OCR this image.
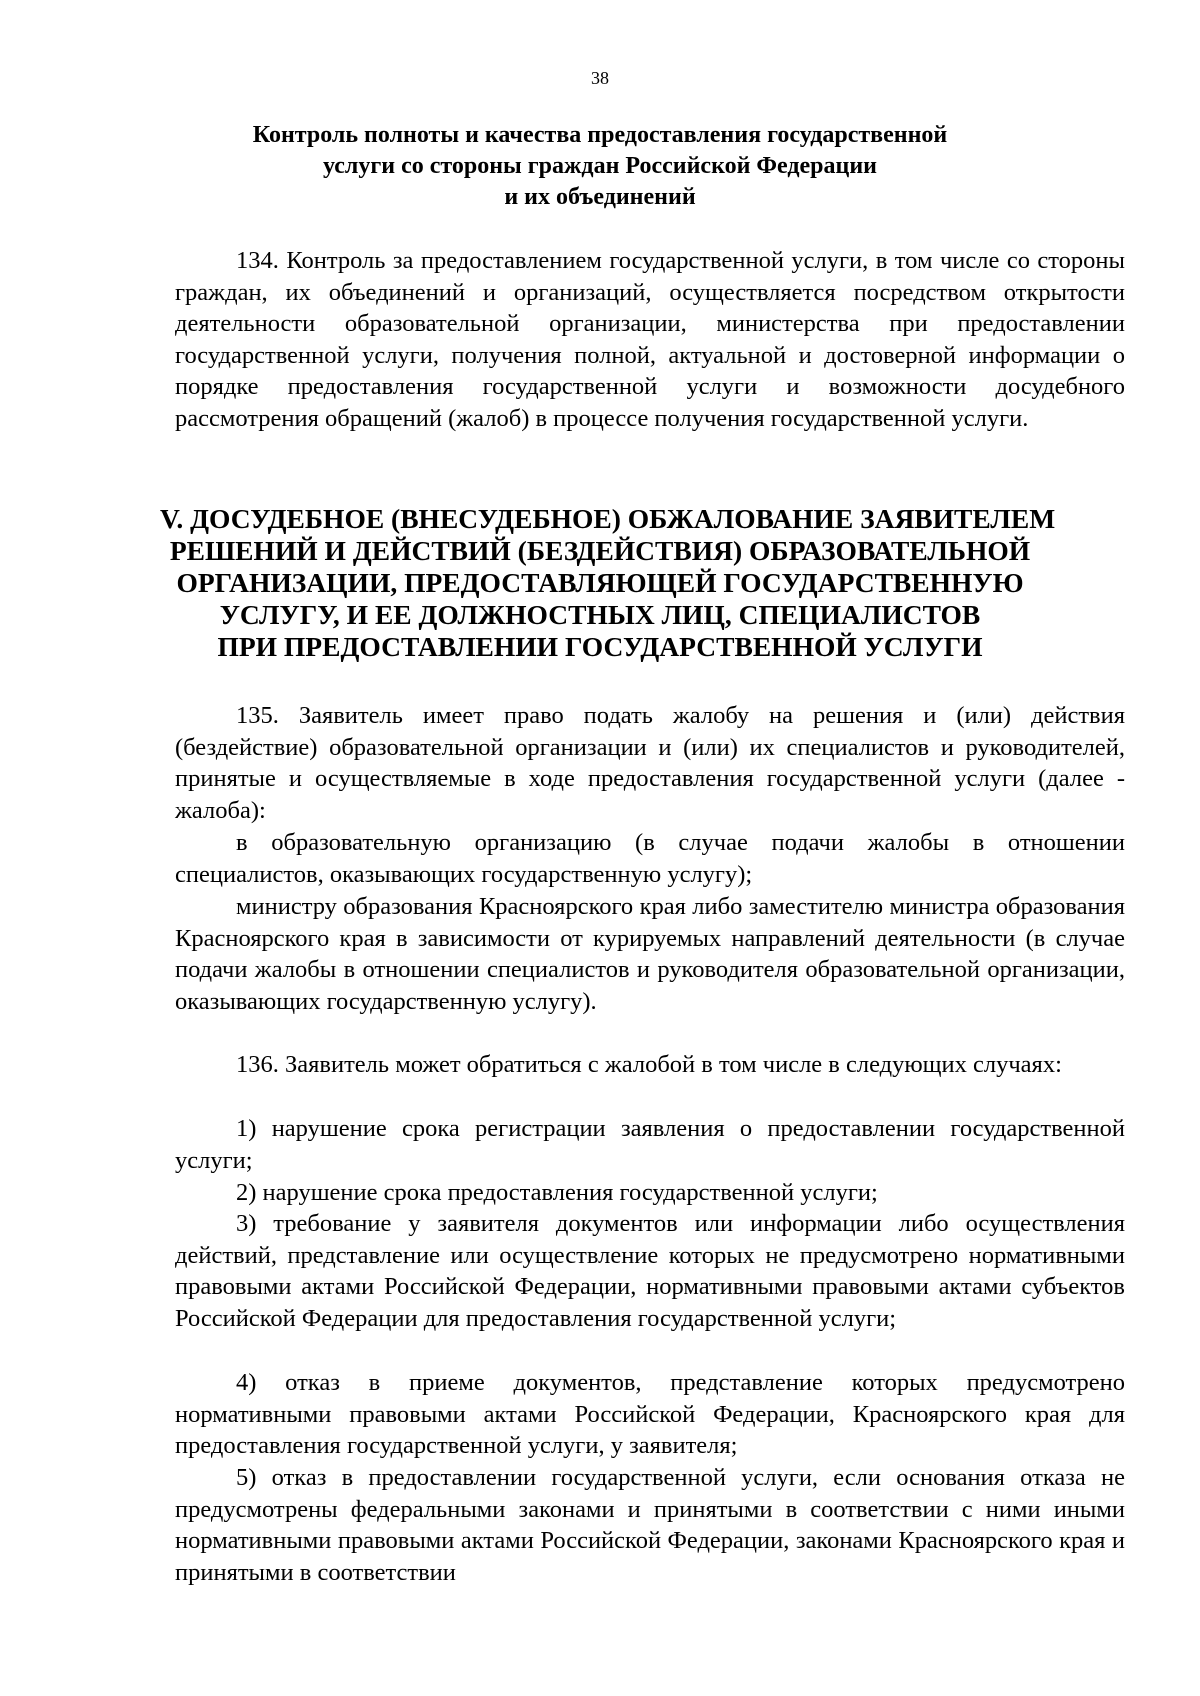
38
Контроль полноты и качества предоставления государственной
услуги со стороны граждан Российской Федерации
и их объединений

134. Контроль за предоставлением государственной услуги, в том числе со стороны граждан, их объединений и организаций, осуществляется посредством открытости деятельности образовательной организации, министерства при предоставлении государственной услуги, получения полной, актуальной и достоверной информации о порядке предоставления государственной услуги и возможности досудебного рассмотрения обращений (жалоб) в процессе получения государственной услуги.

V. ДОСУДЕБНОЕ (ВНЕСУДЕБНОЕ) ОБЖАЛОВАНИЕ ЗАЯВИТЕЛЕМ
РЕШЕНИЙ И ДЕЙСТВИЙ (БЕЗДЕЙСТВИЯ) ОБРАЗОВАТЕЛЬНОЙ
ОРГАНИЗАЦИИ, ПРЕДОСТАВЛЯЮЩЕЙ ГОСУДАРСТВЕННУЮ
УСЛУГУ, И ЕЕ ДОЛЖНОСТНЫХ ЛИЦ, СПЕЦИАЛИСТОВ
ПРИ ПРЕДОСТАВЛЕНИИ ГОСУДАРСТВЕННОЙ УСЛУГИ

135. Заявитель имеет право подать жалобу на решения и (или) действия (бездействие) образовательной организации и (или) их специалистов и руководителей, принятые и осуществляемые в ходе предоставления государственной услуги (далее - жалоба):

в образовательную организацию (в случае подачи жалобы в отношении специалистов, оказывающих государственную услугу);

министру образования Красноярского края либо заместителю министра образования Красноярского края в зависимости от курируемых направлений деятельности (в случае подачи жалобы в отношении специалистов и руководителя образовательной организации, оказывающих государственную услугу).

136. Заявитель может обратиться с жалобой в том числе в следующих случаях:

1) нарушение срока регистрации заявления о предоставлении государственной услуги;

2) нарушение срока предоставления государственной услуги;

3) требование у заявителя документов или информации либо осуществления действий, представление или осуществление которых не предусмотрено нормативными правовыми актами Российской Федерации, нормативными правовыми актами субъектов Российской Федерации для предоставления государственной услуги;

4) отказ в приеме документов, представление которых предусмотрено нормативными правовыми актами Российской Федерации, Красноярского края для предоставления государственной услуги, у заявителя;

5) отказ в предоставлении государственной услуги, если основания отказа не предусмотрены федеральными законами и принятыми в соответствии с ними иными нормативными правовыми актами Российской Федерации, законами Красноярского края и принятыми в соответствии
